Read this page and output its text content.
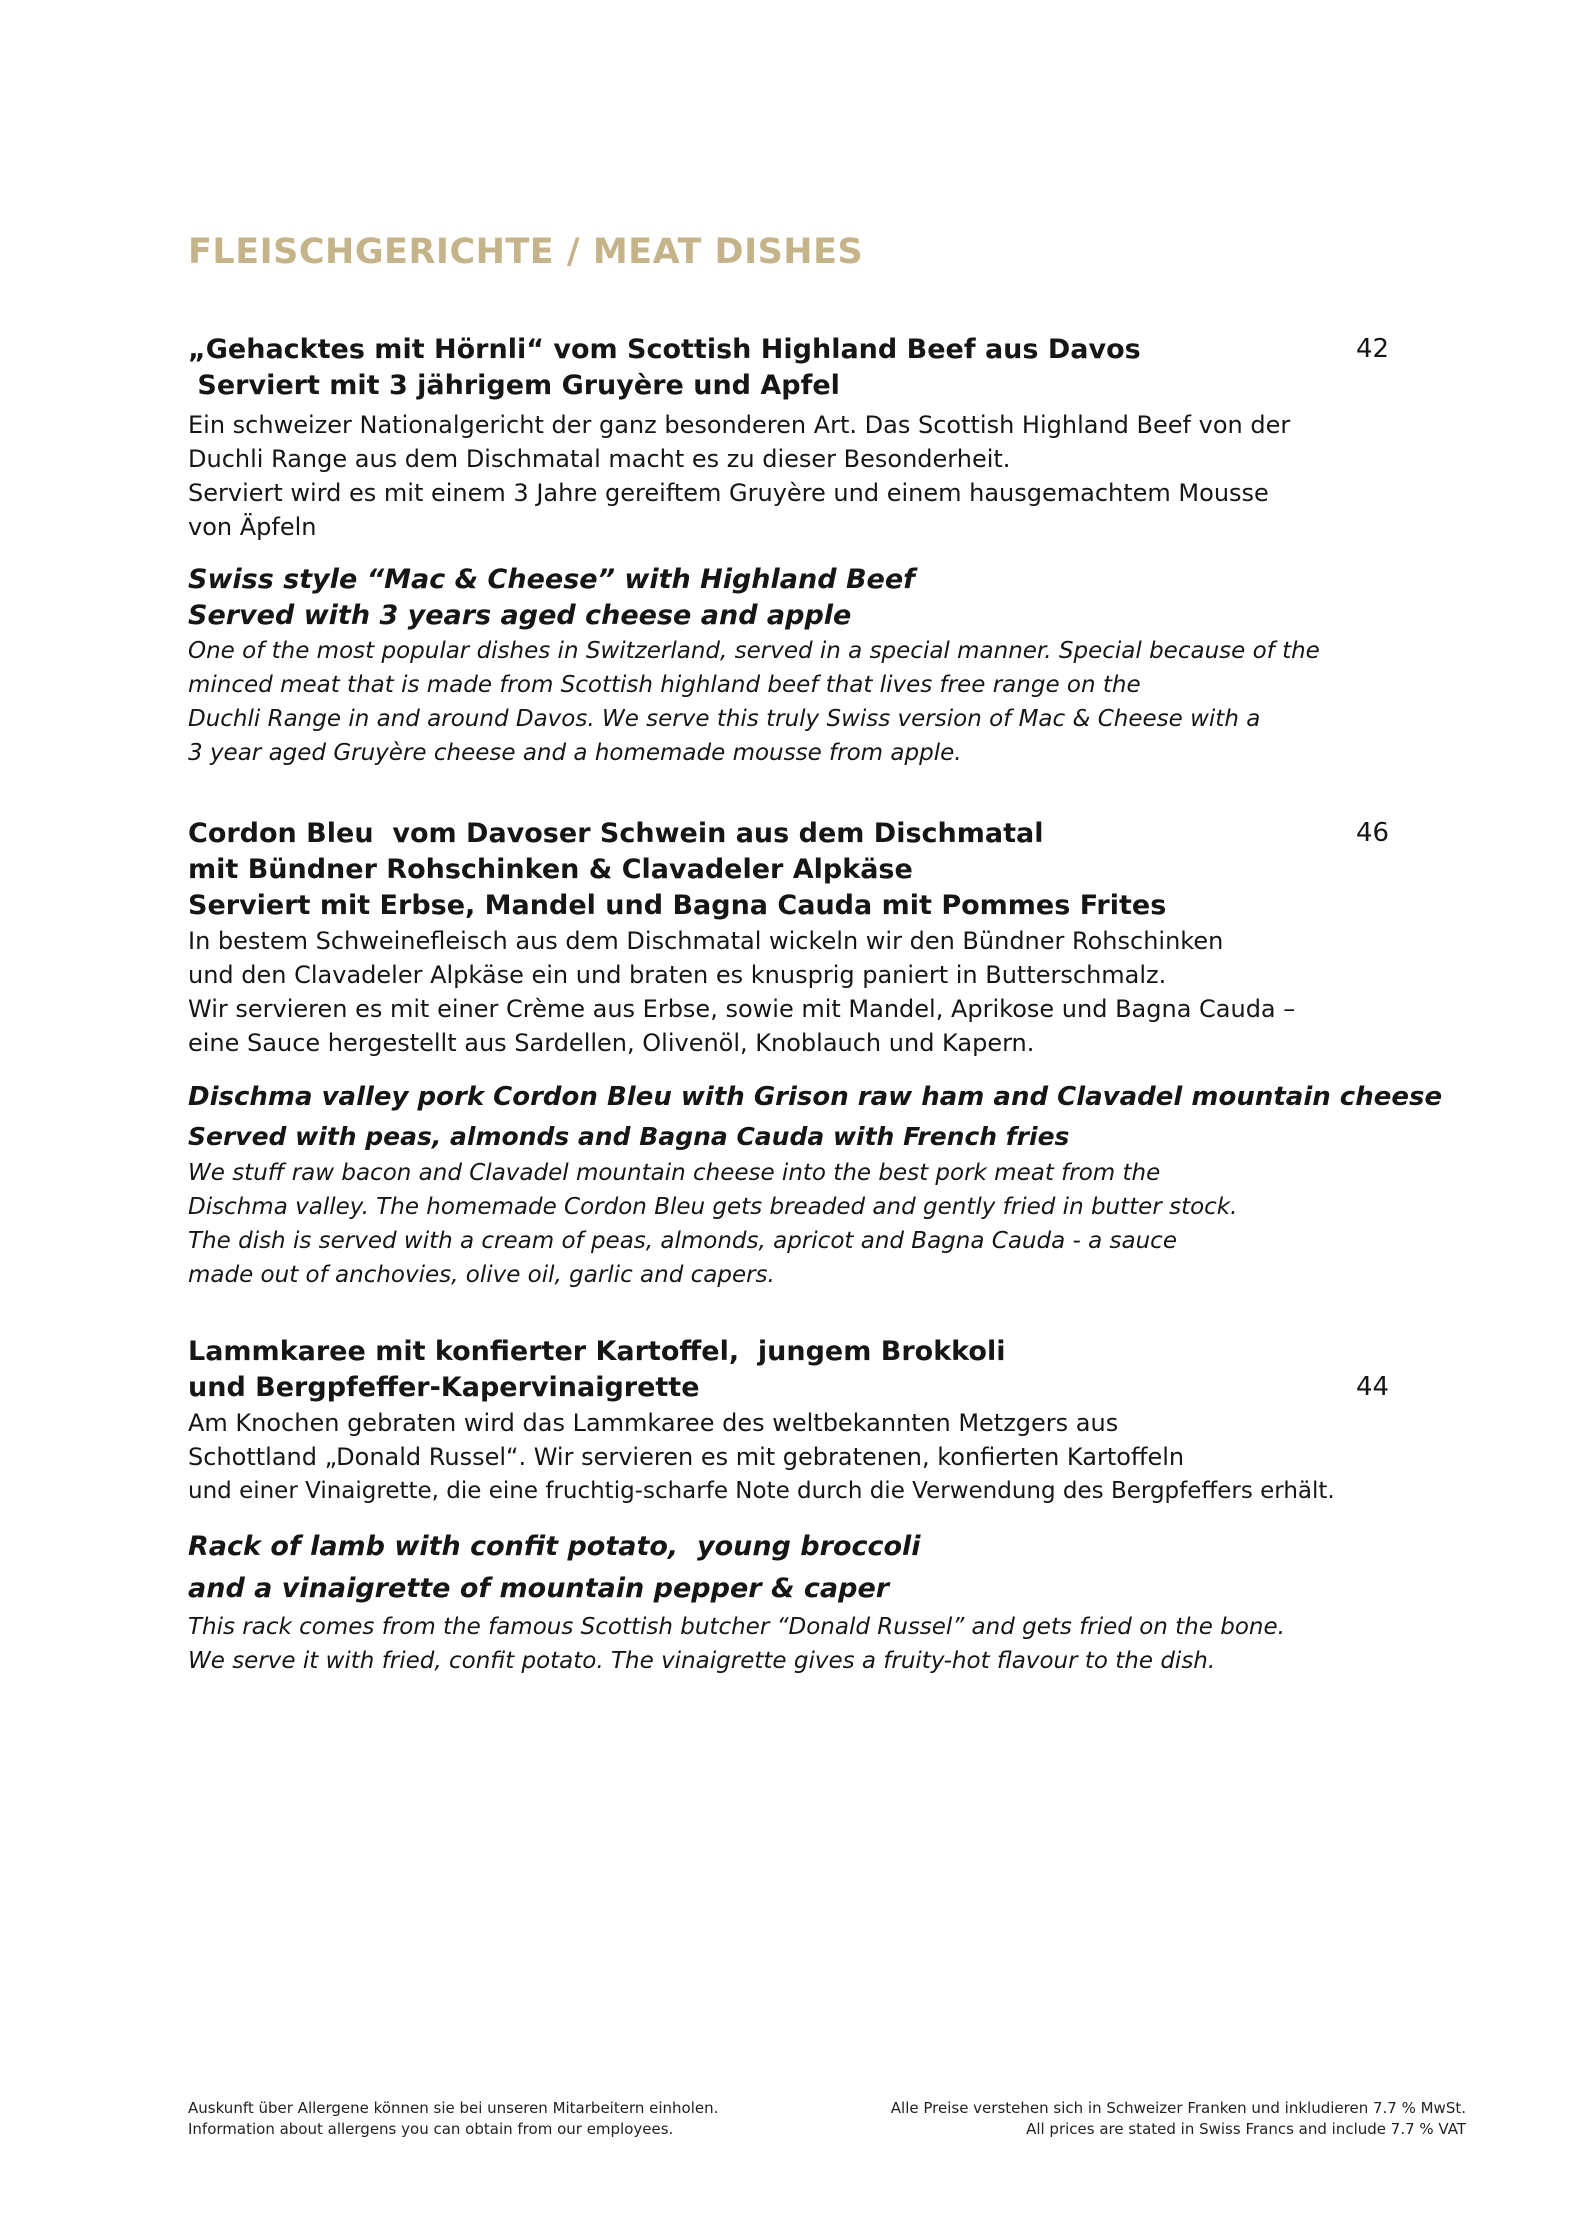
FLEISCHGERICHTE / MEAT DISHES
42
„Gehacktes mit Hörnli“ vom Scottish Highland Beef aus Davos
Serviert mit 3 jährigem Gruyère und Apfel
Ein schweizer Nationalgericht der ganz besonderen Art. Das Scottish Highland Beef von der
Duchli Range aus dem Dischmatal macht es zu dieser Besonderheit.
Serviert wird es mit einem 3 Jahre gereiftem Gruyère und einem hausgemachtem Mousse
von Äpfeln
Swiss style “Mac & Cheese” with Highland Beef
Served with 3 years aged cheese and apple
One of the most popular dishes in Switzerland, served in a special manner. Special because of the
minced meat that is made from Scottish highland beef that lives free range on the
Duchli Range in and around Davos. We serve this truly Swiss version of Mac & Cheese with a
3 year aged Gruyère cheese and a homemade mousse from apple.
46
Cordon Bleu  vom Davoser Schwein aus dem Dischmatal
mit Bündner Rohschinken & Clavadeler Alpkäse
Serviert mit Erbse, Mandel und Bagna Cauda mit Pommes Frites
In bestem Schweinefleisch aus dem Dischmatal wickeln wir den Bündner Rohschinken
und den Clavadeler Alpkäse ein und braten es knusprig paniert in Butterschmalz.
Wir servieren es mit einer Crème aus Erbse, sowie mit Mandel, Aprikose und Bagna Cauda –
eine Sauce hergestellt aus Sardellen, Olivenöl, Knoblauch und Kapern.
Dischma valley pork Cordon Bleu with Grison raw ham and Clavadel mountain cheese
Served with peas, almonds and Bagna Cauda with French fries
We stuff raw bacon and Clavadel mountain cheese into the best pork meat from the
Dischma valley. The homemade Cordon Bleu gets breaded and gently fried in butter stock.
The dish is served with a cream of peas, almonds, apricot and Bagna Cauda - a sauce
made out of anchovies, olive oil, garlic and capers.
44
Lammkaree mit konfierter Kartoffel,  jungem Brokkoli
und Bergpfeffer-Kapervinaigrette
Am Knochen gebraten wird das Lammkaree des weltbekannten Metzgers aus
Schottland „Donald Russel“. Wir servieren es mit gebratenen, konfierten Kartoffeln
und einer Vinaigrette, die eine fruchtig-scharfe Note durch die Verwendung des Bergpfeffers erhält.
Rack of lamb with confit potato,  young broccoli
and a vinaigrette of mountain pepper & caper
This rack comes from the famous Scottish butcher “Donald Russel” and gets fried on the bone.
We serve it with fried, confit potato. The vinaigrette gives a fruity-hot flavour to the dish.
Auskunft über Allergene können sie bei unseren Mitarbeitern einholen.
Information about allergens you can obtain from our employees.
Alle Preise verstehen sich in Schweizer Franken und inkludieren 7.7 % MwSt.
All prices are stated in Swiss Francs and include 7.7 % VAT
